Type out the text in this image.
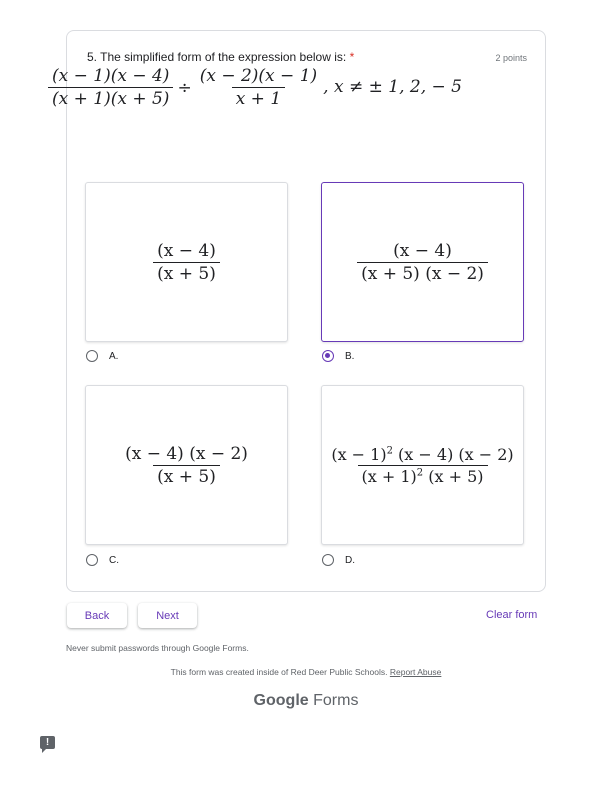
5. The simplified form of the expression below is: *	2 points
$\frac{(x - 1)(x - 4)}{(x + 1)(x + 5)} \div \frac{(x - 2)(x - 1)}{x + 1}$ , x ≠ ± 1, 2, − 5
$\frac{(x - 4)}{(x + 5)}$
A.
$\frac{(x - 4)}{(x + 5) (x - 2)}$
B.
$\frac{(x - 4) (x - 2)}{(x + 5)}$
C.
$\frac{(x - 1)^2 (x - 4) (x - 2)}{(x + 1)^2 (x + 5)}$
D.
Back	Next	Clear form
Never submit passwords through Google Forms.
This form was created inside of Red Deer Public Schools. Report Abuse
Google Forms
!
